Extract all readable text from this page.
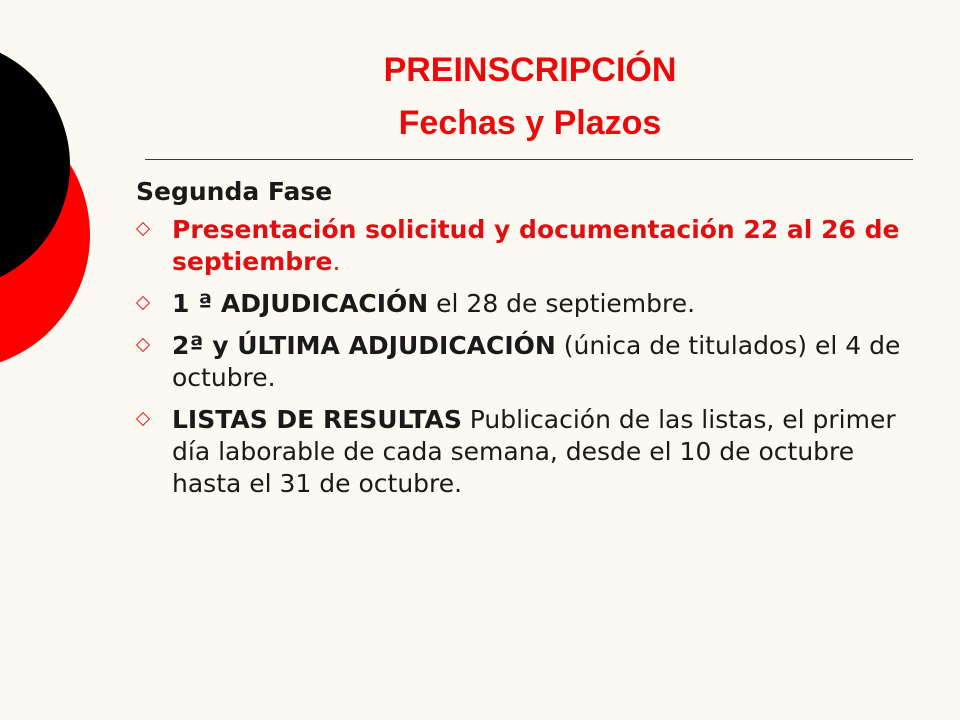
PREINSCRIPCIÓN
Fechas y Plazos
Segunda Fase
Presentación solicitud y documentación 22 al 26 de septiembre.
1 ª ADJUDICACIÓN el 28 de septiembre.
2ª y ÚLTIMA ADJUDICACIÓN (única de titulados) el 4 de octubre.
LISTAS DE RESULTAS Publicación de las listas, el primer día laborable de cada semana, desde el 10 de octubre hasta el 31 de octubre.
